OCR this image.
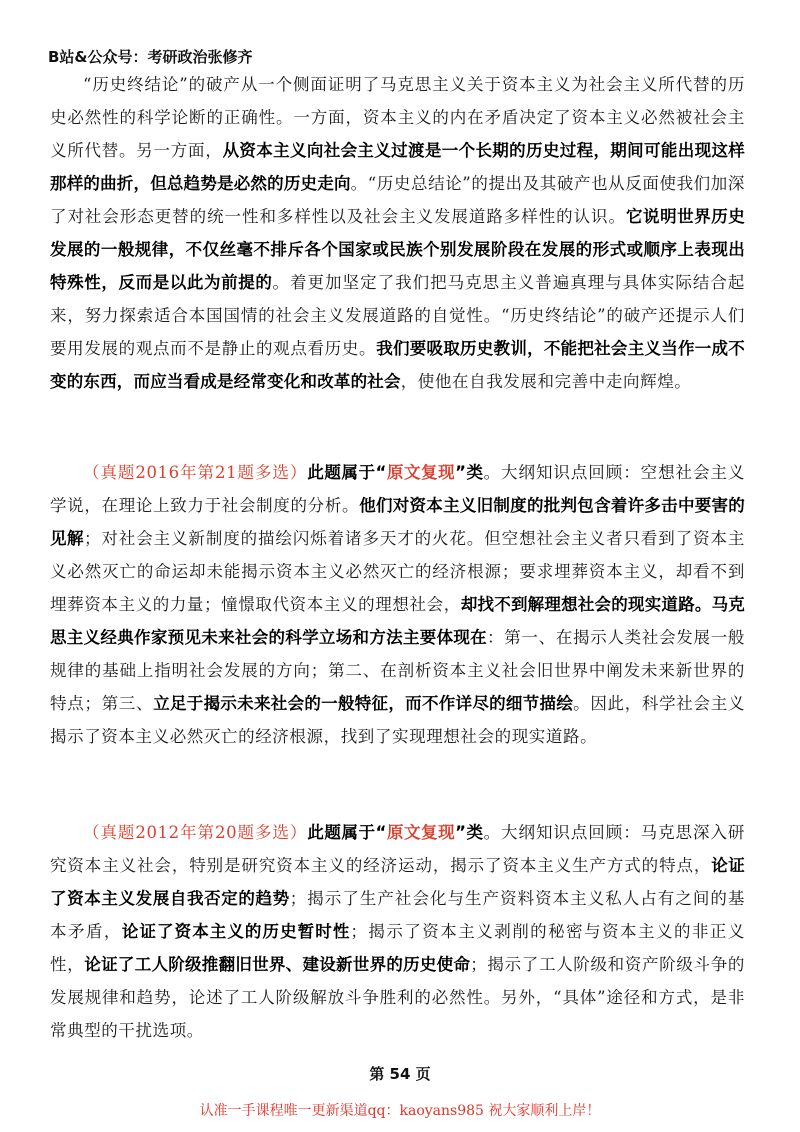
B站&公众号：考研政治张修齐
“历史终结论”的破产从一个侧面证明了马克思主义关于资本主义为社会主义所代替的历史必然性的科学论断的正确性。一方面，资本主义的内在矛盾决定了资本主义必然被社会主义所代替。另一方面，从资本主义向社会主义过渡是一个长期的历史过程，期间可能出现这样那样的曲折，但总趋势是必然的历史走向。“历史总结论”的提出及其破产也从反面使我们加深了对社会形态更替的统一性和多样性以及社会主义发展道路多样性的认识。它说明世界历史发展的一般规律，不仅丝毫不排斥各个国家或民族个别发展阶段在发展的形式或顺序上表现出特殊性，反而是以此为前提的。着更加坚定了我们把马克思主义普遍真理与具体实际结合起来，努力探索适合本国国情的社会主义发展道路的自觉性。“历史终结论”的破产还提示人们要用发展的观点而不是静止的观点看历史。我们要吸取历史教训，不能把社会主义当作一成不变的东西，而应当看成是经常变化和改革的社会，使他在自我发展和完善中走向辉煌。
（真题2016年第21题多选）此题属于“原文复现”类。大纲知识点回顾：空想社会主义学说，在理论上致力于社会制度的分析。他们对资本主义旧制度的批判包含着许多击中要害的见解；对社会主义新制度的描绘闪烁着诸多天才的火花。但空想社会主义者只看到了资本主义必然灭亡的命运却未能揭示资本主义必然灭亡的经济根源；要求埋葬资本主义，却看不到埋葬资本主义的力量；憧憬取代资本主义的理想社会，却找不到解理想社会的现实道路。马克思主义经典作家预见未来社会的科学立场和方法主要体现在：第一、在揭示人类社会发展一般规律的基础上指明社会发展的方向；第二、在剖析资本主义社会旧世界中阐发未来新世界的特点；第三、立足于揭示未来社会的一般特征，而不作详尽的细节描绘。因此，科学社会主义揭示了资本主义必然灭亡的经济根源，找到了实现理想社会的现实道路。
（真题2012年第20题多选）此题属于“原文复现”类。大纲知识点回顾：马克思深入研究资本主义社会，特别是研究资本主义的经济运动，揭示了资本主义生产方式的特点，论证了资本主义发展自我否定的趋势；揭示了生产社会化与生产资料资本主义私人占有之间的基本矛盾，论证了资本主义的历史暂时性；揭示了资本主义剥削的秘密与资本主义的非正义性，论证了工人阶级推翻旧世界、建设新世界的历史使命；揭示了工人阶级和资产阶级斗争的发展规律和趋势，论述了工人阶级解放斗争胜利的必然性。另外，“具体”途径和方式，是非常典型的干扰选项。
第 54 页
认准一手课程唯一更新渠道qq：kaoyans985 祝大家顺利上岸！
